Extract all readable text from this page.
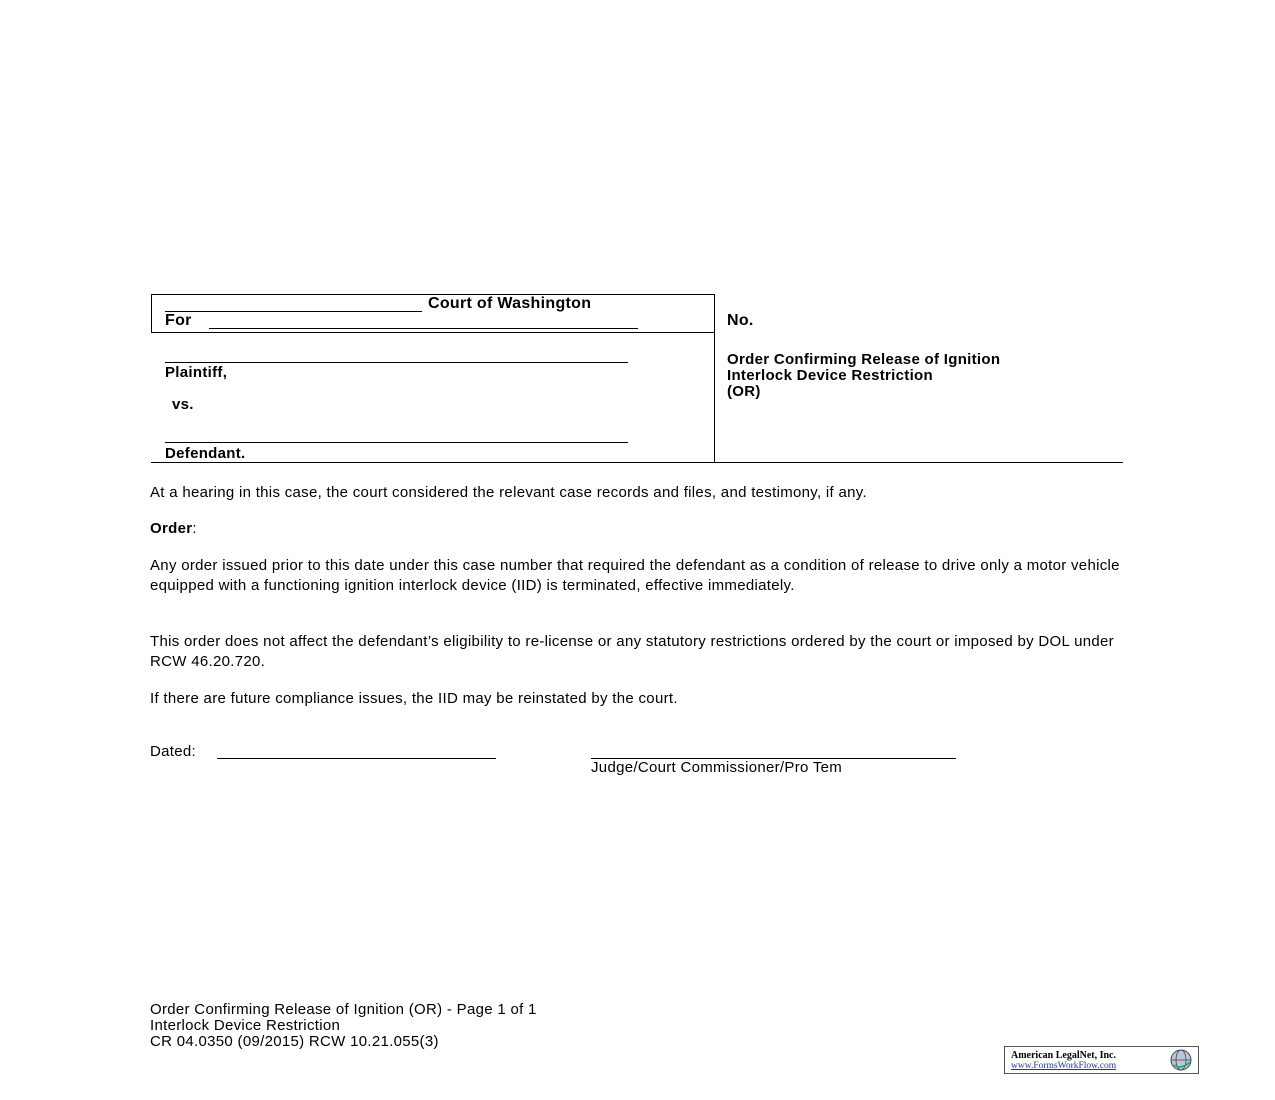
Court of Washington
For	No.
Order Confirming Release of Ignition
Interlock Device Restriction
(OR)
Plaintiff,
vs.
Defendant.
At a hearing in this case, the court considered the relevant case records and files, and testimony, if any.
Order:
Any order issued prior to this date under this case number that required the defendant as a condition of release to drive only a motor vehicle equipped with a functioning ignition interlock device (IID) is terminated, effective immediately.
This order does not affect the defendant’s eligibility to re-license or any statutory restrictions ordered by the court or imposed by DOL under RCW 46.20.720.
If there are future compliance issues, the IID may be reinstated by the court.
Dated:
Judge/Court Commissioner/Pro Tem
Order Confirming Release of Ignition (OR) - Page 1 of 1
Interlock Device Restriction
CR 04.0350 (09/2015) RCW 10.21.055(3)
American LegalNet, Inc.
www.FormsWorkFlow.com
